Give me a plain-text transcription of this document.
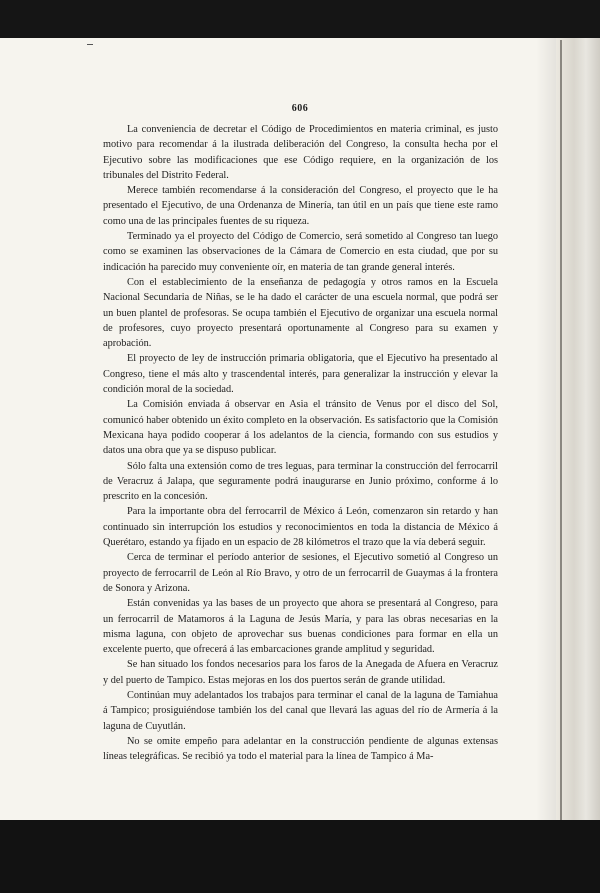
606

La conveniencia de decretar el Código de Procedimientos en materia criminal, es justo motivo para recomendar á la ilustrada deliberación del Congreso, la consulta hecha por el Ejecutivo sobre las modificaciones que ese Código requiere, en la organización de los tribunales del Distrito Federal.

Merece también recomendarse á la consideración del Congreso, el proyecto que le ha presentado el Ejecutivo, de una Ordenanza de Minería, tan útil en un país que tiene este ramo como una de las principales fuentes de su riqueza.

Terminado ya el proyecto del Código de Comercio, será sometido al Congreso tan luego como se examinen las observaciones de la Cámara de Comercio en esta ciudad, que por su indicación ha parecido muy conveniente oír, en materia de tan grande general interés.

Con el establecimiento de la enseñanza de pedagogía y otros ramos en la Escuela Nacional Secundaria de Niñas, se le ha dado el carácter de una escuela normal, que podrá ser un buen plantel de profesoras. Se ocupa también el Ejecutivo de organizar una escuela normal de profesores, cuyo proyecto presentará oportunamente al Congreso para su examen y aprobación.

El proyecto de ley de instrucción primaria obligatoria, que el Ejecutivo ha presentado al Congreso, tiene el más alto y trascendental interés, para generalizar la instrucción y elevar la condición moral de la sociedad.

La Comisión enviada á observar en Asia el tránsito de Venus por el disco del Sol, comunicó haber obtenido un éxito completo en la observación. Es satisfactorio que la Comisión Mexicana haya podido cooperar á los adelantos de la ciencia, formando con sus estudios y datos una obra que ya se dispuso publicar.

Sólo falta una extensión como de tres leguas, para terminar la construcción del ferrocarril de Veracruz á Jalapa, que seguramente podrá inaugurarse en Junio próximo, conforme á lo prescrito en la concesión.

Para la importante obra del ferrocarril de México á León, comenzaron sin retardo y han continuado sin interrupción los estudios y reconocimientos en toda la distancia de México á Querétaro, estando ya fijado en un espacio de 28 kilómetros el trazo que la vía deberá seguir.

Cerca de terminar el período anterior de sesiones, el Ejecutivo sometió al Congreso un proyecto de ferrocarril de León al Río Bravo, y otro de un ferrocarril de Guaymas á la frontera de Sonora y Arizona.

Están convenidas ya las bases de un proyecto que ahora se presentará al Congreso, para un ferrocarril de Matamoros á la Laguna de Jesús María, y para las obras necesarias en la misma laguna, con objeto de aprovechar sus buenas condiciones para formar en ella un excelente puerto, que ofrecerá á las embarcaciones grande amplitud y seguridad.

Se han situado los fondos necesarios para los faros de la Anegada de Afuera en Veracruz y del puerto de Tampico. Estas mejoras en los dos puertos serán de grande utilidad.

Continúan muy adelantados los trabajos para terminar el canal de la laguna de Tamiahua á Tampico; prosiguiéndose también los del canal que llevará las aguas del río de Armería á la laguna de Cuyutlán.

No se omite empeño para adelantar en la construcción pendiente de algunas extensas líneas telegráficas. Se recibió ya todo el material para la línea de Tampico á Ma-
